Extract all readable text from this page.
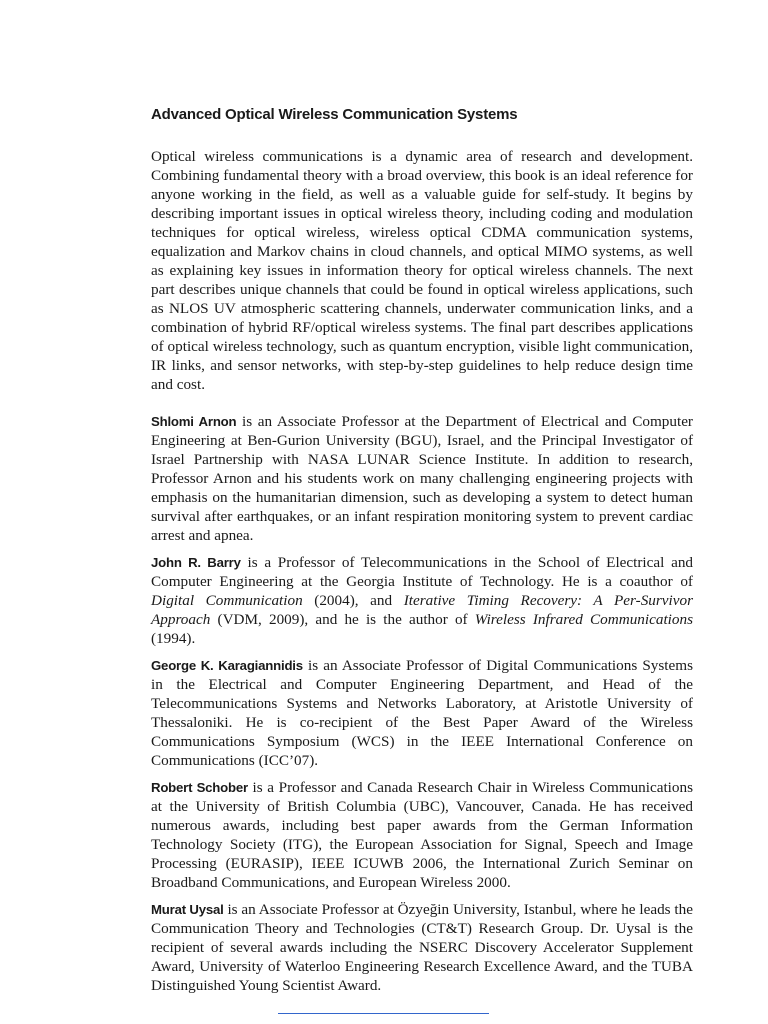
Advanced Optical Wireless Communication Systems

Optical wireless communications is a dynamic area of research and development. Combining fundamental theory with a broad overview, this book is an ideal reference for anyone working in the field, as well as a valuable guide for self-study. It begins by describing important issues in optical wireless theory, including coding and modulation techniques for optical wireless, wireless optical CDMA communication systems, equalization and Markov chains in cloud channels, and optical MIMO systems, as well as explaining key issues in information theory for optical wireless channels. The next part describes unique channels that could be found in optical wireless applications, such as NLOS UV atmospheric scattering channels, underwater communication links, and a combination of hybrid RF/optical wireless systems. The final part describes applications of optical wireless technology, such as quantum encryption, visible light communication, IR links, and sensor networks, with step-by-step guidelines to help reduce design time and cost.

Shlomi Arnon is an Associate Professor at the Department of Electrical and Computer Engineering at Ben-Gurion University (BGU), Israel, and the Principal Investigator of Israel Partnership with NASA LUNAR Science Institute. In addition to research, Professor Arnon and his students work on many challenging engineering projects with emphasis on the humanitarian dimension, such as developing a system to detect human survival after earthquakes, or an infant respiration monitoring system to prevent cardiac arrest and apnea.

John R. Barry is a Professor of Telecommunications in the School of Electrical and Computer Engineering at the Georgia Institute of Technology. He is a coauthor of Digital Communication (2004), and Iterative Timing Recovery: A Per-Survivor Approach (VDM, 2009), and he is the author of Wireless Infrared Communications (1994).

George K. Karagiannidis is an Associate Professor of Digital Communications Systems in the Electrical and Computer Engineering Department, and Head of the Telecommunications Systems and Networks Laboratory, at Aristotle University of Thessaloniki. He is co-recipient of the Best Paper Award of the Wireless Communications Symposium (WCS) in the IEEE International Conference on Communications (ICC’07).

Robert Schober is a Professor and Canada Research Chair in Wireless Communications at the University of British Columbia (UBC), Vancouver, Canada. He has received numerous awards, including best paper awards from the German Information Technology Society (ITG), the European Association for Signal, Speech and Image Processing (EURASIP), IEEE ICUWB 2006, the International Zurich Seminar on Broadband Communications, and European Wireless 2000.

Murat Uysal is an Associate Professor at Özyeğin University, Istanbul, where he leads the Communication Theory and Technologies (CT&T) Research Group. Dr. Uysal is the recipient of several awards including the NSERC Discovery Accelerator Supplement Award, University of Waterloo Engineering Research Excellence Award, and the TUBA Distinguished Young Scientist Award.
